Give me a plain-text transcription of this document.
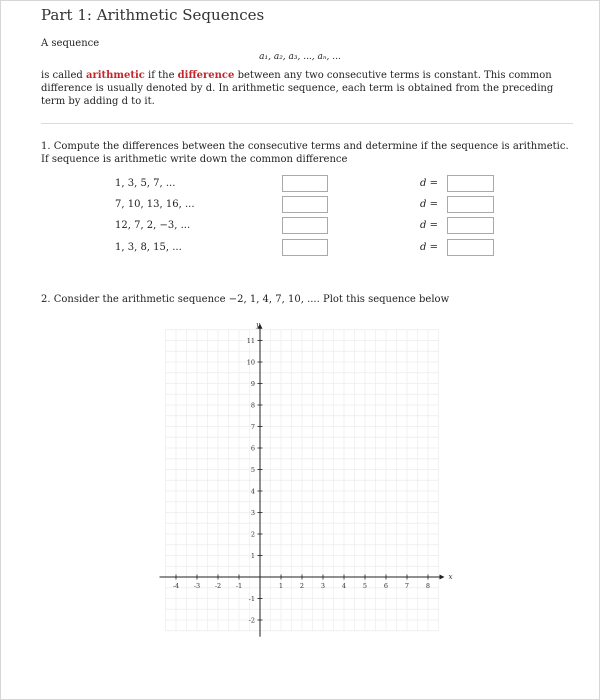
Part 1: Arithmetic Sequences
A sequence
a₁, a₂, a₃, ..., aₙ, ...
is called arithmetic if the difference between any two consecutive terms is constant. This common difference is usually denoted by d. In arithmetic sequence, each term is obtained from the preceding term by adding d to it.
1. Compute the differences between the consecutive terms and determine if the sequence is arithmetic. If sequence is arithmetic write down the common difference
1, 3, 5, 7, ...	d =
7, 10, 13, 16, ...	d =
12, 7, 2, −3, ...	d =
1, 3, 8, 15, ...	d =
2. Consider the arithmetic sequence −2, 1, 4, 7, 10, .... Plot this sequence below
-4 -3 -2 -1	1	2	3	4	5	6	7	8
11
10
9
8
7
6
5
4
3
2
1
-1
-2
x
y
